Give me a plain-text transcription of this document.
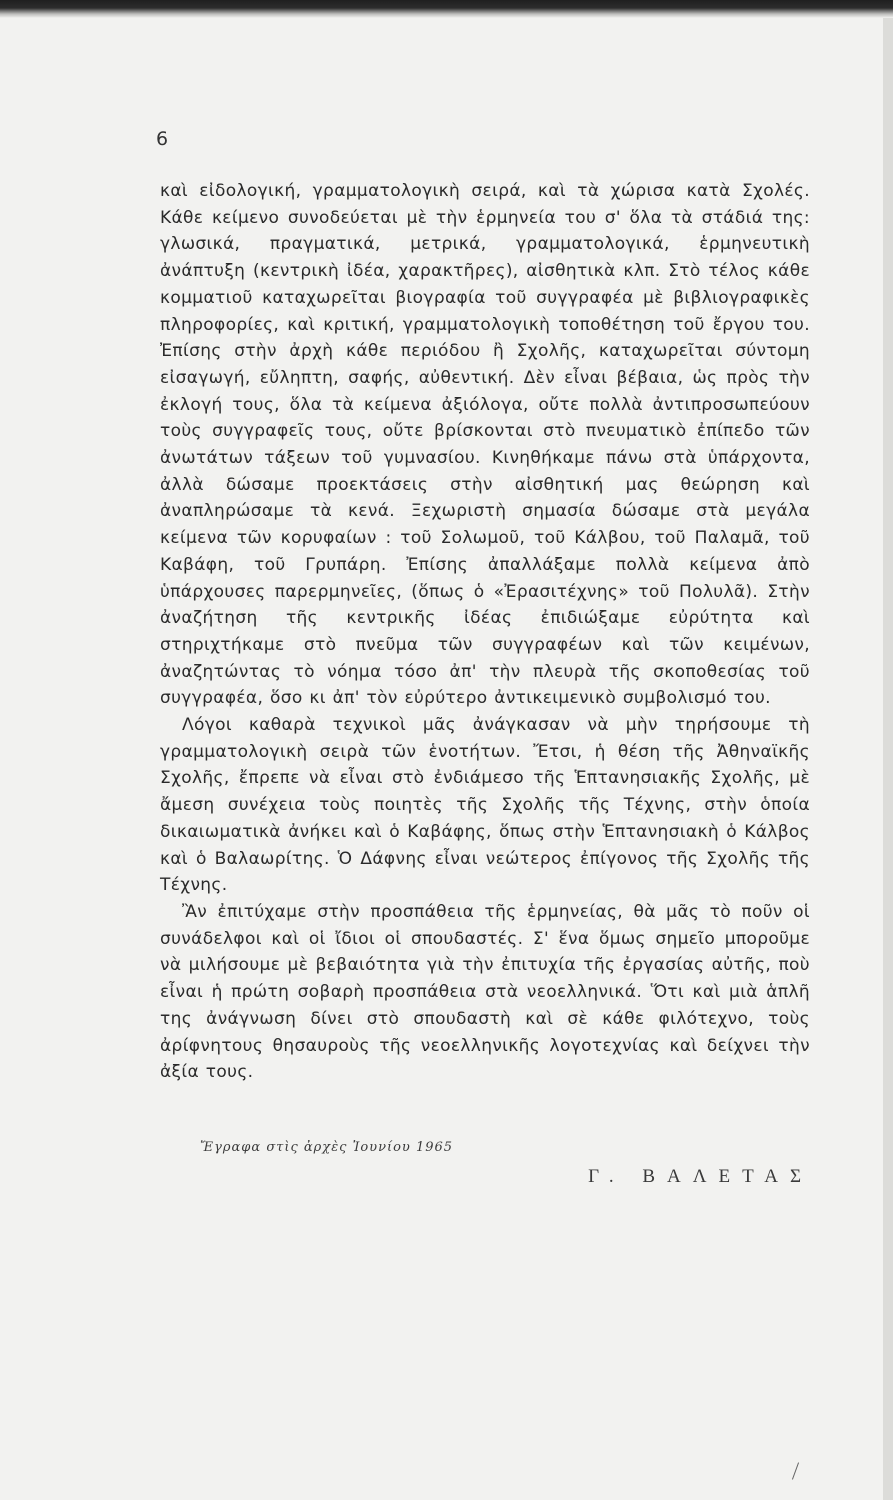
6

καὶ εἰδολογική, γραμματολογικὴ σειρά, καὶ τὰ χώρισα κατὰ Σχολές. Κάθε κείμενο συνοδεύεται μὲ τὴν ἑρμηνεία του σ' ὅλα τὰ στάδιά της: γλωσικά, πραγματικά, μετρικά, γραμματολογικά, ἑρμηνευτικὴ ἀνάπτυξη (κεντρικὴ ἰδέα, χαρακτῆρες), αἰσθητικὰ κλπ. Στὸ τέλος κάθε κομματιοῦ καταχωρεῖται βιογραφία τοῦ συγγραφέα μὲ βιβλιογραφικὲς πληροφορίες, καὶ κριτική, γραμματολογικὴ τοποθέτηση τοῦ ἔργου του. Ἐπίσης στὴν ἀρχὴ κάθε περιόδου ἢ Σχολῆς, καταχωρεῖται σύντομη εἰσαγωγή, εὔληπτη, σαφής, αὐθεντική. Δὲν εἶναι βέβαια, ὡς πρὸς τὴν ἐκλογή τους, ὅλα τὰ κείμενα ἀξιόλογα, οὔτε πολλὰ ἀντιπροσωπεύουν τοὺς συγγραφεῖς τους, οὔτε βρίσκονται στὸ πνευματικὸ ἐπίπεδο τῶν ἀνωτάτων τάξεων τοῦ γυμνασίου. Κινηθήκαμε πάνω στὰ ὑπάρχοντα, ἀλλὰ δώσαμε προεκτάσεις στὴν αἰσθητική μας θεώρηση καὶ ἀναπληρώσαμε τὰ κενά. Ξεχωριστὴ σημασία δώσαμε στὰ μεγάλα κείμενα τῶν κορυφαίων : τοῦ Σολωμοῦ, τοῦ Κάλβου, τοῦ Παλαμᾶ, τοῦ Καβάφη, τοῦ Γρυπάρη. Ἐπίσης ἀπαλλάξαμε πολλὰ κείμενα ἀπὸ ὑπάρχουσες παρερμηνεῖες, (ὅπως ὁ «Ἐρασιτέχνης» τοῦ Πολυλᾶ). Στὴν ἀναζήτηση τῆς κεντρικῆς ἰδέας ἐπιδιώξαμε εὐρύτητα καὶ στηριχτήκαμε στὸ πνεῦμα τῶν συγγραφέων καὶ τῶν κειμένων, ἀναζητώντας τὸ νόημα τόσο ἀπ' τὴν πλευρὰ τῆς σκοποθεσίας τοῦ συγγραφέα, ὅσο κι ἀπ' τὸν εὐρύτερο ἀντικειμενικὸ συμβολισμό του.

Λόγοι καθαρὰ τεχνικοὶ μᾶς ἀνάγκασαν νὰ μὴν τηρήσουμε τὴ γραμματολογικὴ σειρὰ τῶν ἑνοτήτων. Ἔτσι, ἡ θέση τῆς Ἀθηναϊκῆς Σχολῆς, ἔπρεπε νὰ εἶναι στὸ ἐνδιάμεσο τῆς Ἑπτανησιακῆς Σχολῆς, μὲ ἄμεση συνέχεια τοὺς ποιητὲς τῆς Σχολῆς τῆς Τέχνης, στὴν ὁποία δικαιωματικὰ ἀνήκει καὶ ὁ Καβάφης, ὅπως στὴν Ἑπτανησιακὴ ὁ Κάλβος καὶ ὁ Βαλαωρίτης. Ὁ Δάφνης εἶναι νεώτερος ἐπίγονος τῆς Σχολῆς τῆς Τέχνης.

Ἂν ἐπιτύχαμε στὴν προσπάθεια τῆς ἑρμηνείας, θὰ μᾶς τὸ ποῦν οἱ συνάδελφοι καὶ οἱ ἴδιοι οἱ σπουδαστές. Σ' ἕνα ὅμως σημεῖο μποροῦμε νὰ μιλήσουμε μὲ βεβαιότητα γιὰ τὴν ἐπιτυχία τῆς ἐργασίας αὐτῆς, ποὺ εἶναι ἡ πρώτη σοβαρὴ προσπάθεια στὰ νεοελληνικά. Ὅτι καὶ μιὰ ἁπλῆ της ἀνάγνωση δίνει στὸ σπουδαστὴ καὶ σὲ κάθε φιλότεχνο, τοὺς ἀρίφνητους θησαυροὺς τῆς νεοελληνικῆς λογοτεχνίας καὶ δείχνει τὴν ἀξία τους.

Ἔγραφα στὶς ἀρχὲς Ἰουνίου 1965
Γ. ΒΑΛΕΤΑΣ
